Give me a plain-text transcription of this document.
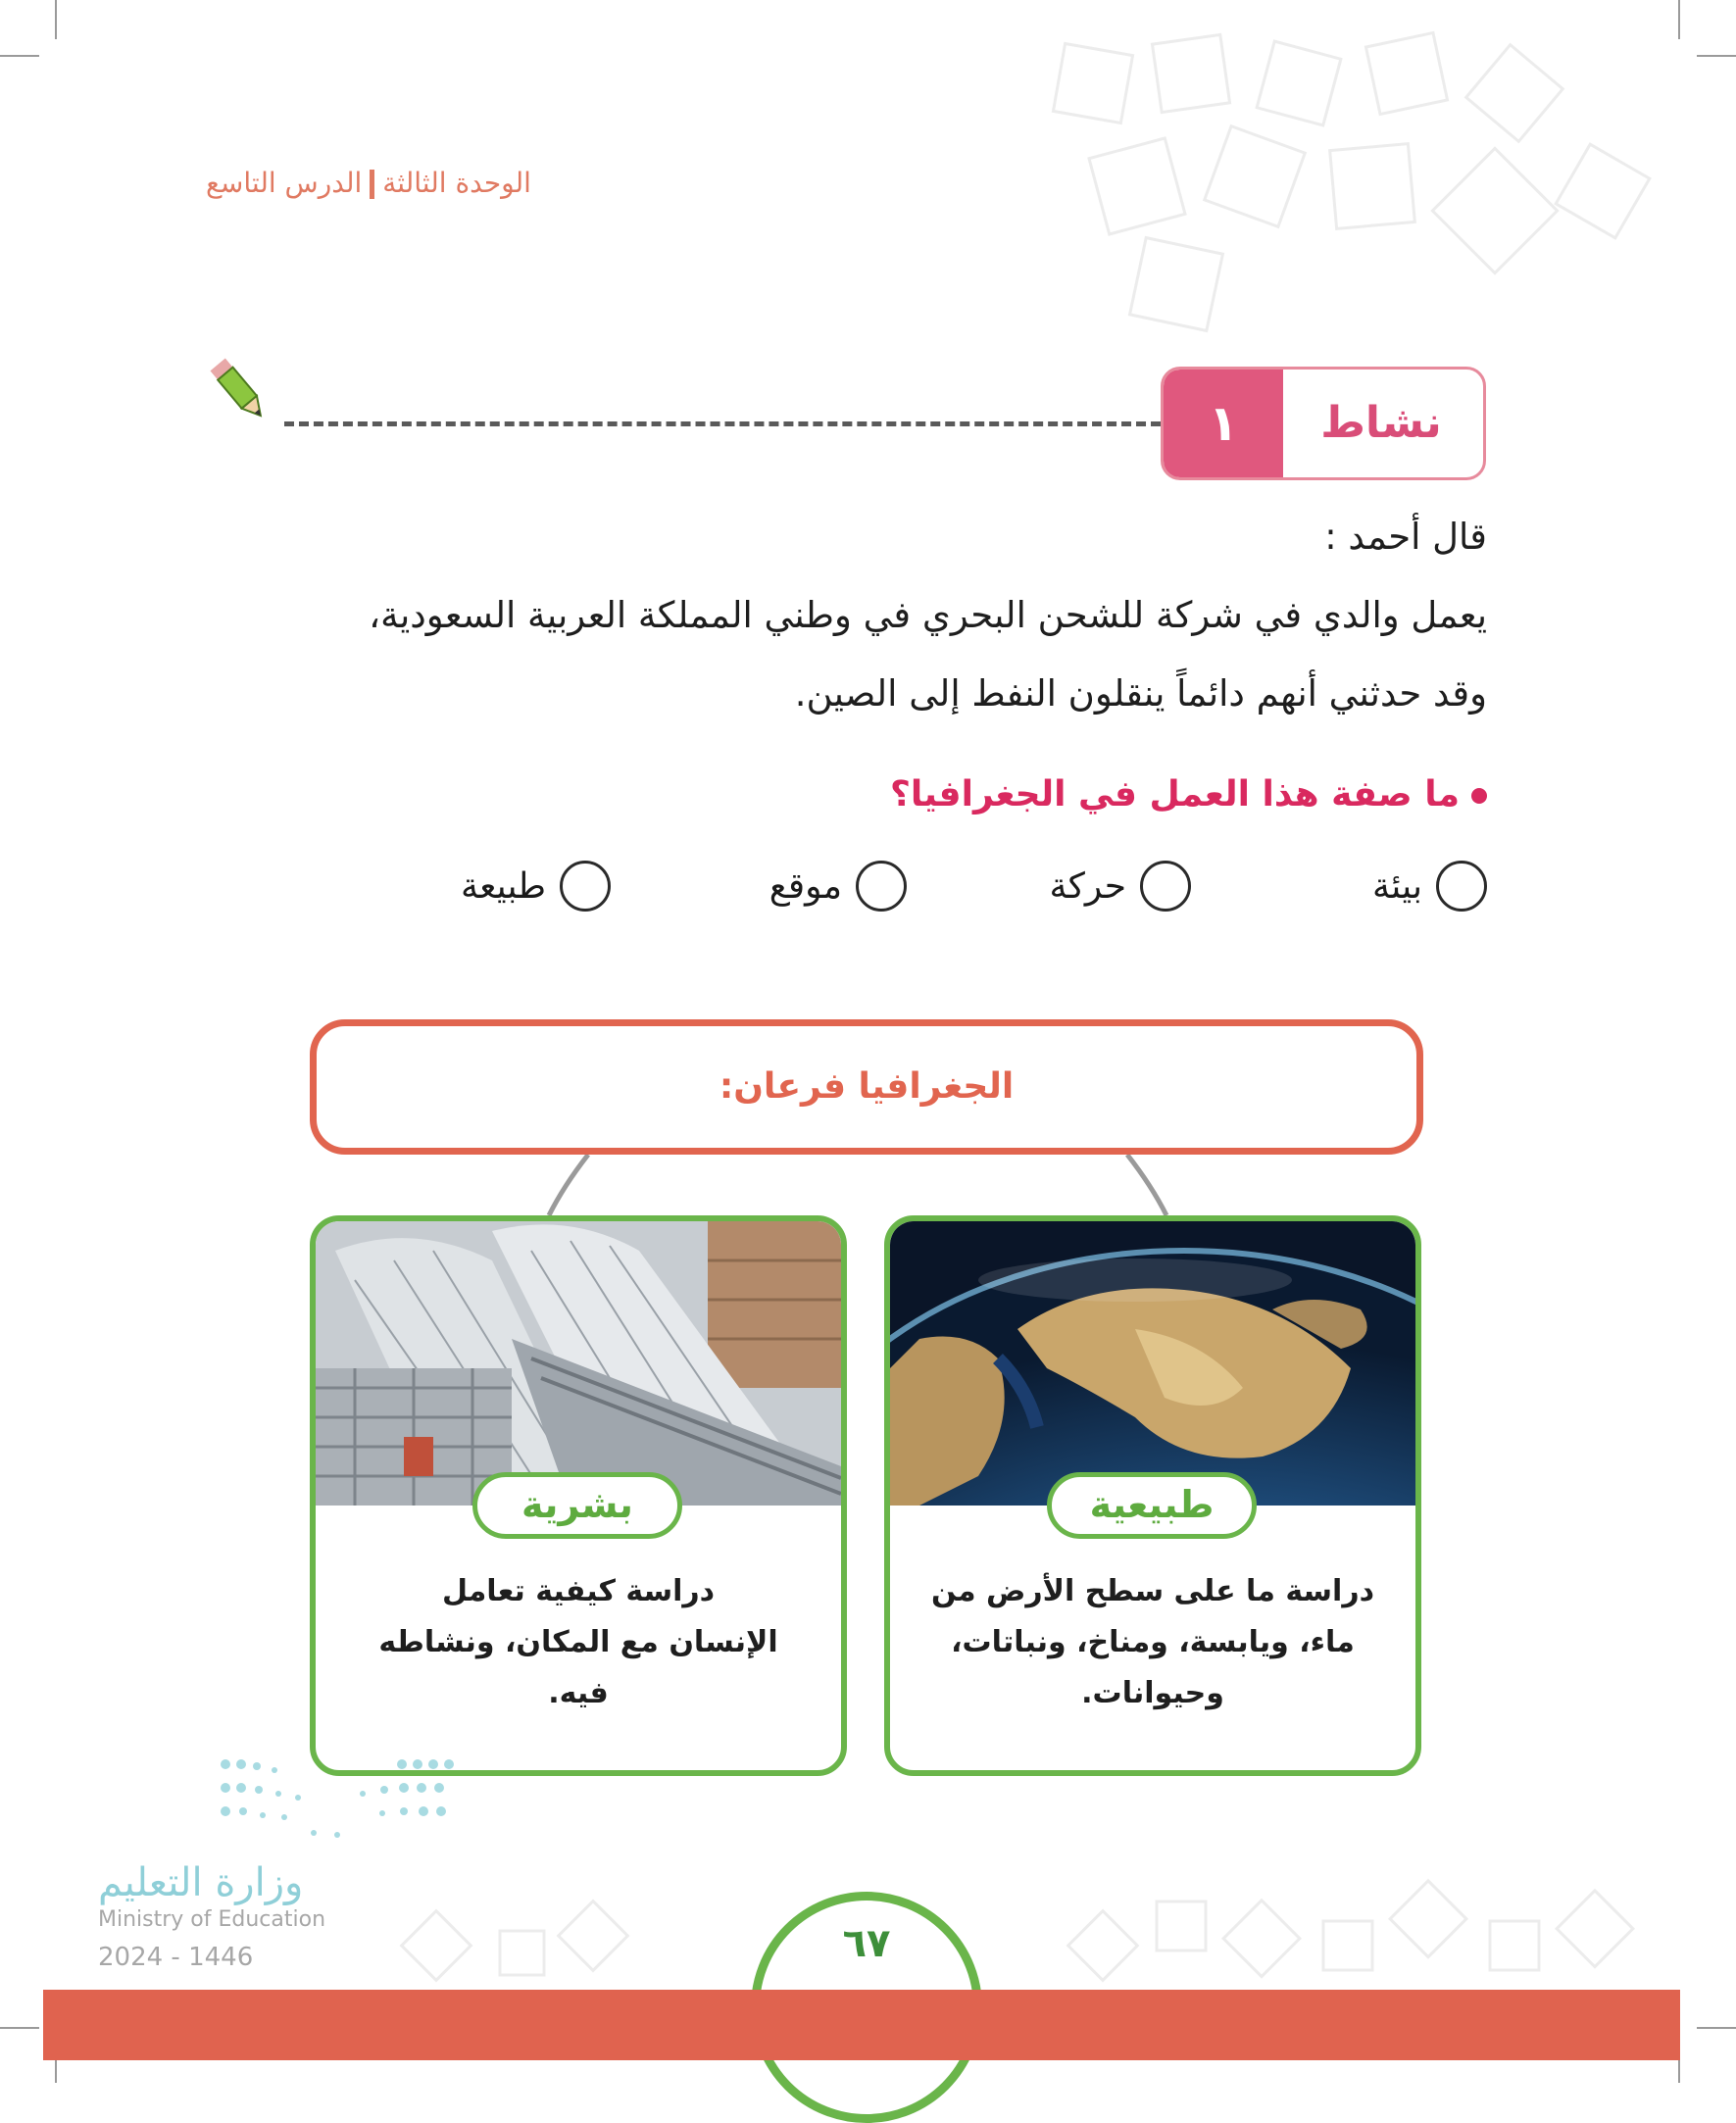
الوحدة الثالثةالدرس التاسع
نشاط
١
قال أحمد :
يعمل والدي في شركة للشحن البحري في وطني المملكة العربية السعودية،
وقد حدثني أنهم دائماً ينقلون النفط إلى الصين.
ما صفة هذا العمل في الجغرافيا؟
بيئة
حركة
موقع
طبيعة
الجغرافيا فرعان:
طبيعية
دراسة ما على سطح الأرض من
ماء، ويابسة، ومناخ، ونباتات،
وحيوانات.
بشرية
دراسة كيفية تعامل
الإنسان مع المكان، ونشاطه
فيه.
وزارة التعليم
Ministry of Education
2024 - 1446	٦٧
